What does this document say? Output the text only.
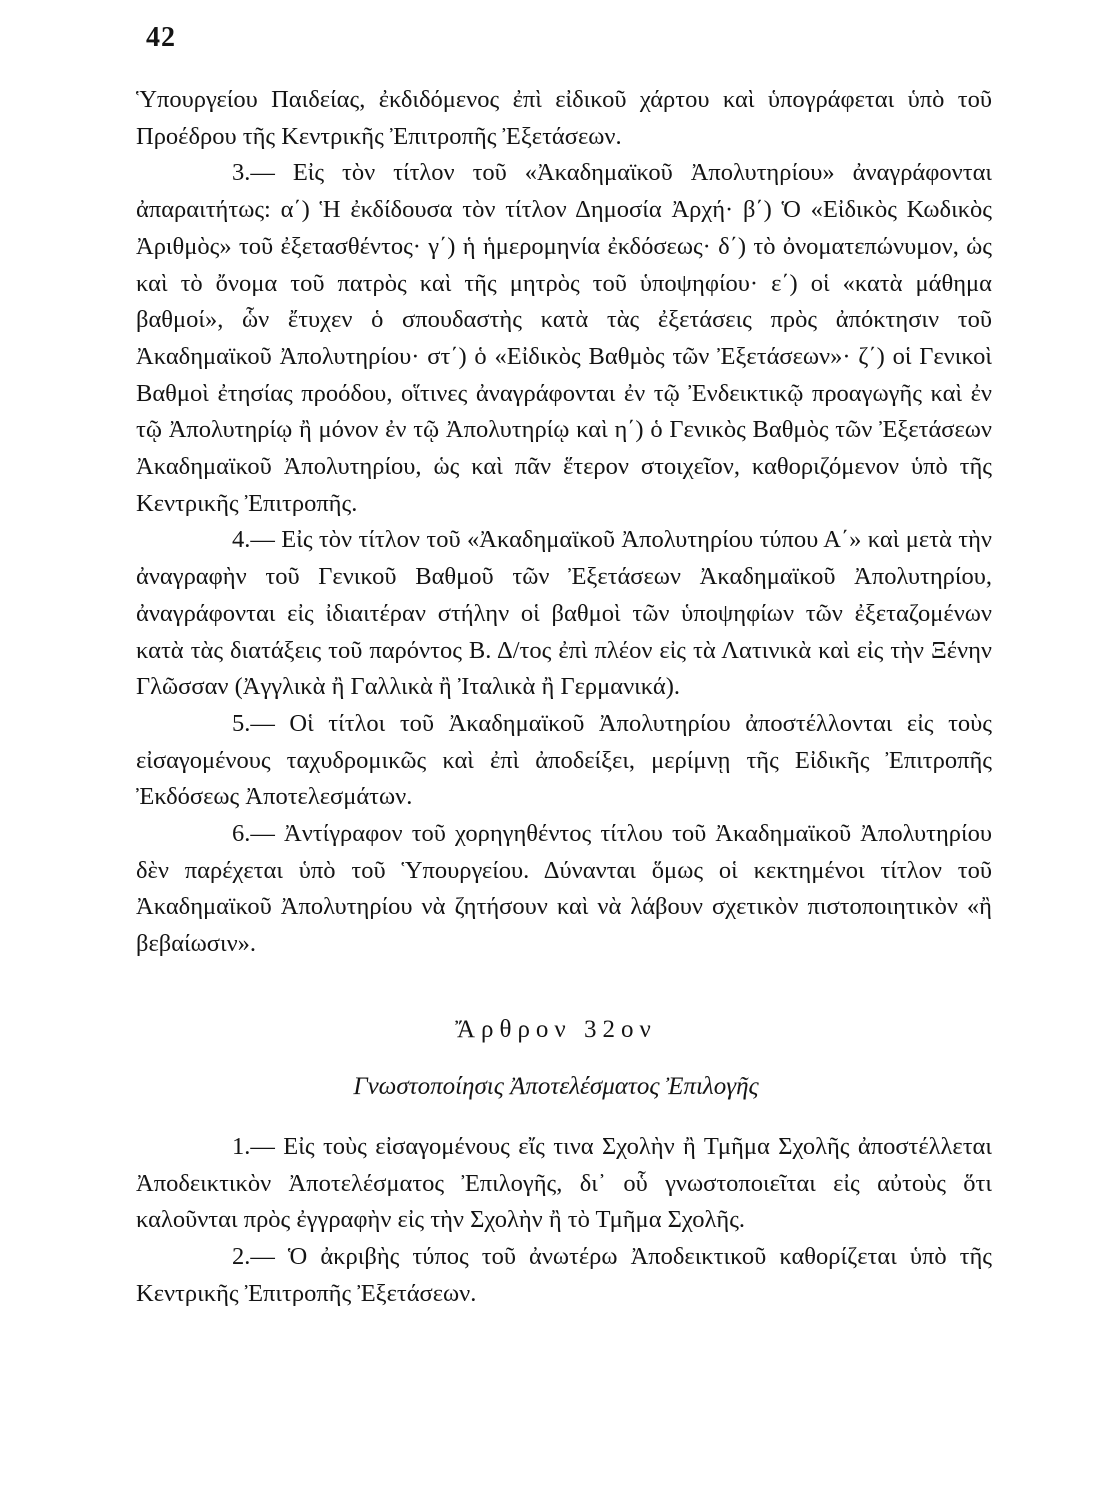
42

Ὑπουργείου Παιδείας, ἐκδιδόμενος ἐπὶ εἰδικοῦ χάρτου καὶ ὑπογράφεται ὑπὸ τοῦ Προέδρου τῆς Κεντρικῆς Ἐπιτροπῆς Ἐξετάσεων.

3.— Εἰς τὸν τίτλον τοῦ «Ἀκαδημαϊκοῦ Ἀπολυτηρίου» ἀναγράφονται ἀπαραιτήτως: α΄) Ἡ ἐκδίδουσα τὸν τίτλον Δημοσία Ἀρχή· β΄) Ὁ «Εἰδικὸς Κωδικὸς Ἀριθμὸς» τοῦ ἐξετασθέντος· γ΄) ἡ ἡμερομηνία ἐκδόσεως· δ΄) τὸ ὀνοματεπώνυμον, ὡς καὶ τὸ ὄνομα τοῦ πατρὸς καὶ τῆς μητρὸς τοῦ ὑποψηφίου· ε΄) οἱ «κατὰ μάθημα βαθμοί», ὧν ἔτυχεν ὁ σπουδαστὴς κατὰ τὰς ἐξετάσεις πρὸς ἀπόκτησιν τοῦ Ἀκαδημαϊκοῦ Ἀπολυτηρίου· στ΄) ὁ «Εἰδικὸς Βαθμὸς τῶν Ἐξετάσεων»· ζ΄) οἱ Γενικοὶ Βαθμοὶ ἐτησίας προόδου, οἵτινες ἀναγράφονται ἐν τῷ Ἐνδεικτικῷ προαγωγῆς καὶ ἐν τῷ Ἀπολυτηρίῳ ἢ μόνον ἐν τῷ Ἀπολυτηρίῳ καὶ η΄) ὁ Γενικὸς Βαθμὸς τῶν Ἐξετάσεων Ἀκαδημαϊκοῦ Ἀπολυτηρίου, ὡς καὶ πᾶν ἕτερον στοιχεῖον, καθοριζόμενον ὑπὸ τῆς Κεντρικῆς Ἐπιτροπῆς.

4.— Εἰς τὸν τίτλον τοῦ «Ἀκαδημαϊκοῦ Ἀπολυτηρίου τύπου Α΄» καὶ μετὰ τὴν ἀναγραφὴν τοῦ Γενικοῦ Βαθμοῦ τῶν Ἐξετάσεων Ἀκαδημαϊκοῦ Ἀπολυτηρίου, ἀναγράφονται εἰς ἰδιαιτέραν στήλην οἱ βαθμοὶ τῶν ὑποψηφίων τῶν ἐξεταζομένων κατὰ τὰς διατάξεις τοῦ παρόντος Β. Δ/τος ἐπὶ πλέον εἰς τὰ Λατινικὰ καὶ εἰς τὴν Ξένην Γλῶσσαν (Ἀγγλικὰ ἢ Γαλλικὰ ἢ Ἰταλικὰ ἢ Γερμανικά).

5.— Οἱ τίτλοι τοῦ Ἀκαδημαϊκοῦ Ἀπολυτηρίου ἀποστέλλονται εἰς τοὺς εἰσαγομένους ταχυδρομικῶς καὶ ἐπὶ ἀποδείξει, μερίμνῃ τῆς Εἰδικῆς Ἐπιτροπῆς Ἐκδόσεως Ἀποτελεσμάτων.

6.— Ἀντίγραφον τοῦ χορηγηθέντος τίτλου τοῦ Ἀκαδημαϊκοῦ Ἀπολυτηρίου δὲν παρέχεται ὑπὸ τοῦ Ὑπουργείου. Δύνανται ὅμως οἱ κεκτημένοι τίτλον τοῦ Ἀκαδημαϊκοῦ Ἀπολυτηρίου νὰ ζητήσουν καὶ νὰ λάβουν σχετικὸν πιστοποιητικὸν «ἢ βεβαίωσιν».

Ἄρθρον 32ον
Γνωστοποίησις Ἀποτελέσματος Ἐπιλογῆς

1.— Εἰς τοὺς εἰσαγομένους εἴς τινα Σχολὴν ἢ Τμῆμα Σχολῆς ἀποστέλλεται Ἀποδεικτικὸν Ἀποτελέσματος Ἐπιλογῆς, δι᾽ οὗ γνωστοποιεῖται εἰς αὐτοὺς ὅτι καλοῦνται πρὸς ἐγγραφὴν εἰς τὴν Σχολὴν ἢ τὸ Τμῆμα Σχολῆς.

2.— Ὁ ἀκριβὴς τύπος τοῦ ἀνωτέρω Ἀποδεικτικοῦ καθορίζεται ὑπὸ τῆς Κεντρικῆς Ἐπιτροπῆς Ἐξετάσεων.
